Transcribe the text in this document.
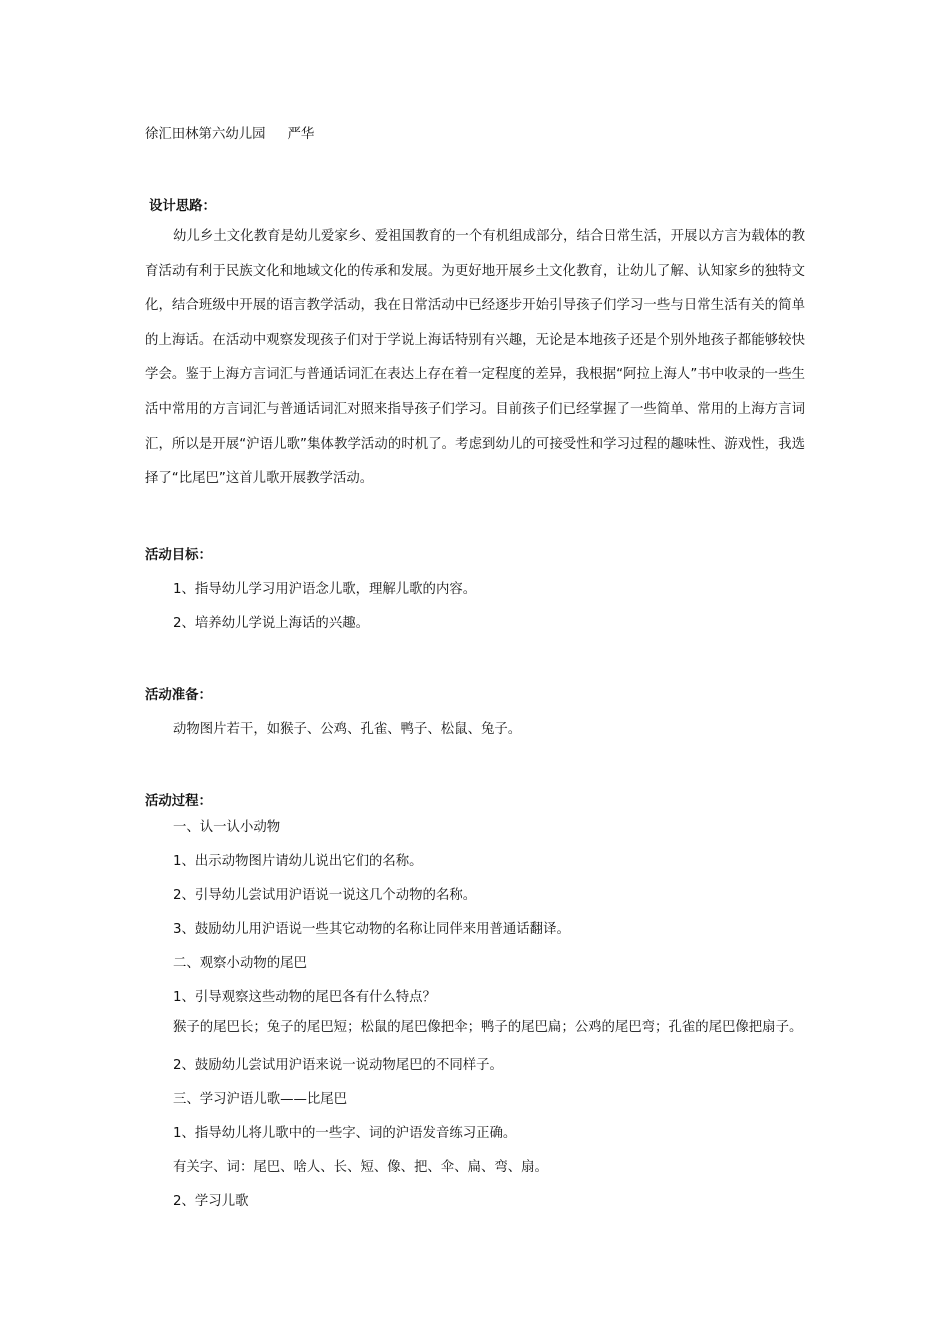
徐汇田林第六幼儿园 严华
设计思路：
幼儿乡土文化教育是幼儿爱家乡、爱祖国教育的一个有机组成部分，结合日常生活，开展以方言为载体的教育活动有利于民族文化和地域文化的传承和发展。为更好地开展乡土文化教育，让幼儿了解、认知家乡的独特文化，结合班级中开展的语言教学活动，我在日常活动中已经逐步开始引导孩子们学习一些与日常生活有关的简单的上海话。在活动中观察发现孩子们对于学说上海话特别有兴趣，无论是本地孩子还是个别外地孩子都能够较快学会。鉴于上海方言词汇与普通话词汇在表达上存在着一定程度的差异，我根据“阿拉上海人”书中收录的一些生活中常用的方言词汇与普通话词汇对照来指导孩子们学习。目前孩子们已经掌握了一些简单、常用的上海方言词汇，所以是开展“沪语儿歌”集体教学活动的时机了。考虑到幼儿的可接受性和学习过程的趣味性、游戏性，我选择了“比尾巴”这首儿歌开展教学活动。
活动目标：
1、指导幼儿学习用沪语念儿歌，理解儿歌的内容。
2、培养幼儿学说上海话的兴趣。
活动准备：
动物图片若干，如猴子、公鸡、孔雀、鸭子、松鼠、兔子。
活动过程：
一、认一认小动物
1、出示动物图片请幼儿说出它们的名称。
2、引导幼儿尝试用沪语说一说这几个动物的名称。
3、鼓励幼儿用沪语说一些其它动物的名称让同伴来用普通话翻译。
二、观察小动物的尾巴
1、引导观察这些动物的尾巴各有什么特点？
猴子的尾巴长；兔子的尾巴短；松鼠的尾巴像把伞；鸭子的尾巴扁；公鸡的尾巴弯；孔雀的尾巴像把扇子。
2、鼓励幼儿尝试用沪语来说一说动物尾巴的不同样子。
三、学习沪语儿歌——比尾巴
1、指导幼儿将儿歌中的一些字、词的沪语发音练习正确。
有关字、词：尾巴、啥人、长、短、像、把、伞、扁、弯、扇。
2、学习儿歌
